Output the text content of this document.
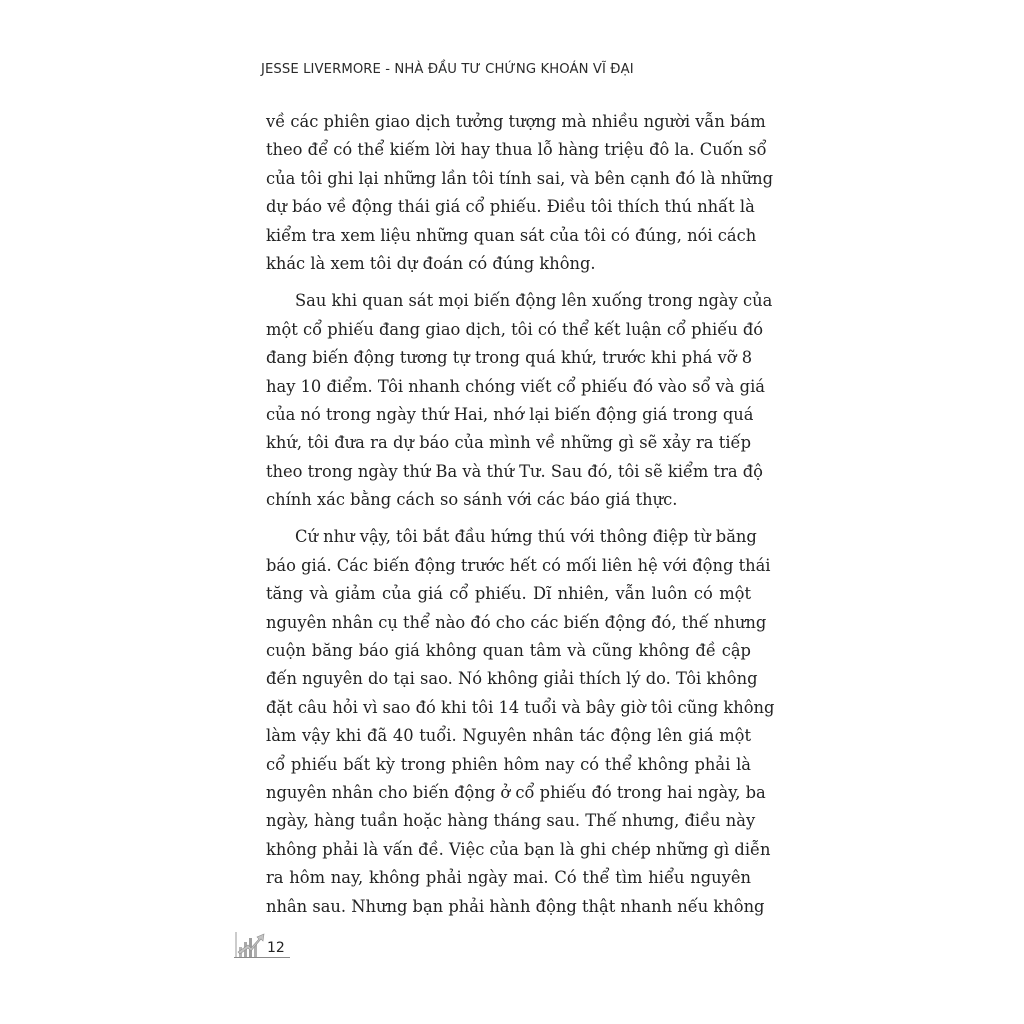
JESSE LIVERMORE - NHÀ ĐẦU TƯ CHỨNG KHOÁN VĨ ĐẠI
về các phiên giao dịch tưởng tượng mà nhiều người vẫn bám
theo để có thể kiếm lời hay thua lỗ hàng triệu đô la. Cuốn sổ
của tôi ghi lại những lần tôi tính sai, và bên cạnh đó là những
dự báo về động thái giá cổ phiếu. Điều tôi thích thú nhất là
kiểm tra xem liệu những quan sát của tôi có đúng, nói cách
khác là xem tôi dự đoán có đúng không.
Sau khi quan sát mọi biến động lên xuống trong ngày của
một cổ phiếu đang giao dịch, tôi có thể kết luận cổ phiếu đó
đang biến động tương tự trong quá khứ, trước khi phá vỡ 8
hay 10 điểm. Tôi nhanh chóng viết cổ phiếu đó vào sổ và giá
của nó trong ngày thứ Hai, nhớ lại biến động giá trong quá
khứ, tôi đưa ra dự báo của mình về những gì sẽ xảy ra tiếp
theo trong ngày thứ Ba và thứ Tư. Sau đó, tôi sẽ kiểm tra độ
chính xác bằng cách so sánh với các báo giá thực.
Cứ như vậy, tôi bắt đầu hứng thú với thông điệp từ băng
báo giá. Các biến động trước hết có mối liên hệ với động thái
tăng và giảm của giá cổ phiếu. Dĩ nhiên, vẫn luôn có một
nguyên nhân cụ thể nào đó cho các biến động đó, thế nhưng
cuộn băng báo giá không quan tâm và cũng không đề cập
đến nguyên do tại sao. Nó không giải thích lý do. Tôi không
đặt câu hỏi vì sao đó khi tôi 14 tuổi và bây giờ tôi cũng không
làm vậy khi đã 40 tuổi. Nguyên nhân tác động lên giá một
cổ phiếu bất kỳ trong phiên hôm nay có thể không phải là
nguyên nhân cho biến động ở cổ phiếu đó trong hai ngày, ba
ngày, hàng tuần hoặc hàng tháng sau. Thế nhưng, điều này
không phải là vấn đề. Việc của bạn là ghi chép những gì diễn
ra hôm nay, không phải ngày mai. Có thể tìm hiểu nguyên
nhân sau. Nhưng bạn phải hành động thật nhanh nếu không
12
